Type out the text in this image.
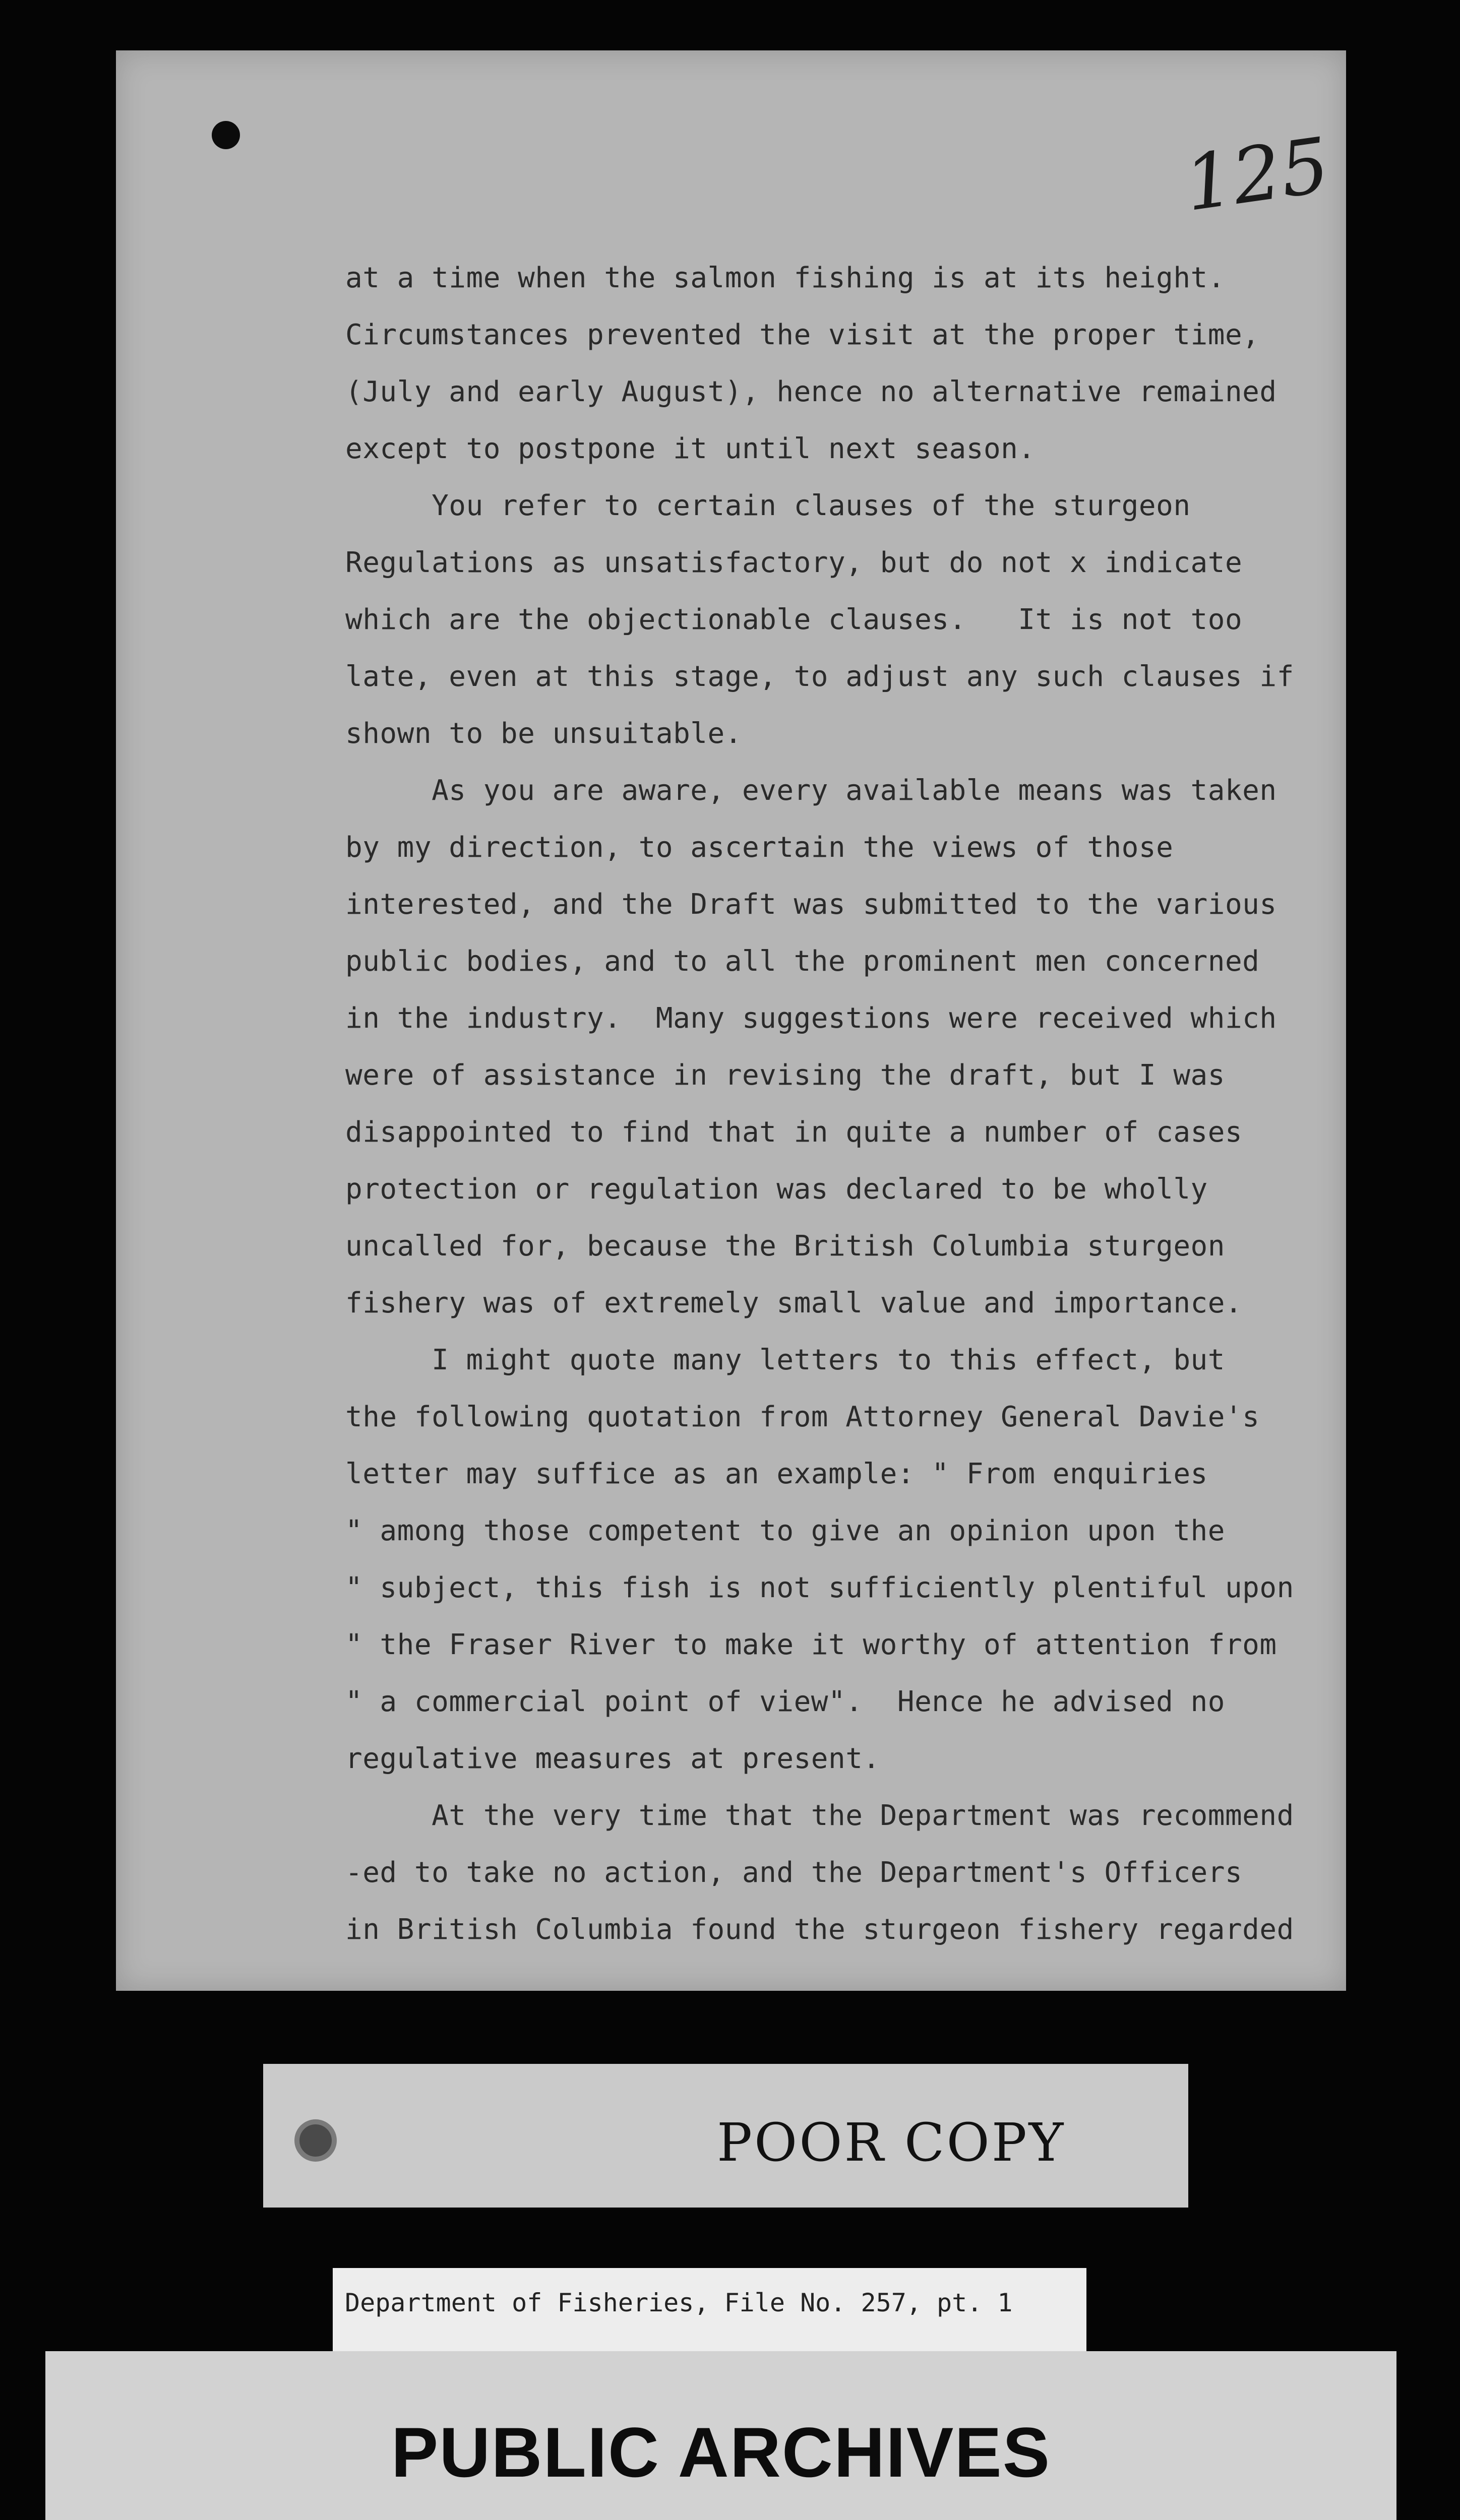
125
at a time when the salmon fishing is at its height.
Circumstances prevented the visit at the proper time,
(July and early August), hence no alternative remained
except to postpone it until next season.
You refer to certain clauses of the sturgeon
Regulations as unsatisfactory, but do not x indicate
which are the objectionable clauses.   It is not too
late, even at this stage, to adjust any such clauses if
shown to be unsuitable.
As you are aware, every available means was taken
by my direction, to ascertain the views of those
interested, and the Draft was submitted to the various
public bodies, and to all the prominent men concerned
in the industry.  Many suggestions were received which
were of assistance in revising the draft, but I was
disappointed to find that in quite a number of cases
protection or regulation was declared to be wholly
uncalled for, because the British Columbia sturgeon
fishery was of extremely small value and importance.
I might quote many letters to this effect, but
the following quotation from Attorney General Davie's
letter may suffice as an example: " From enquiries
" among those competent to give an opinion upon the
" subject, this fish is not sufficiently plentiful upon
" the Fraser River to make it worthy of attention from
" a commercial point of view".  Hence he advised no
regulative measures at present.
At the very time that the Department was recommend
-ed to take no action, and the Department's Officers
in British Columbia found the sturgeon fishery regarded
POOR COPY
Department of Fisheries, File No. 257, pt. 1
PUBLIC ARCHIVES
